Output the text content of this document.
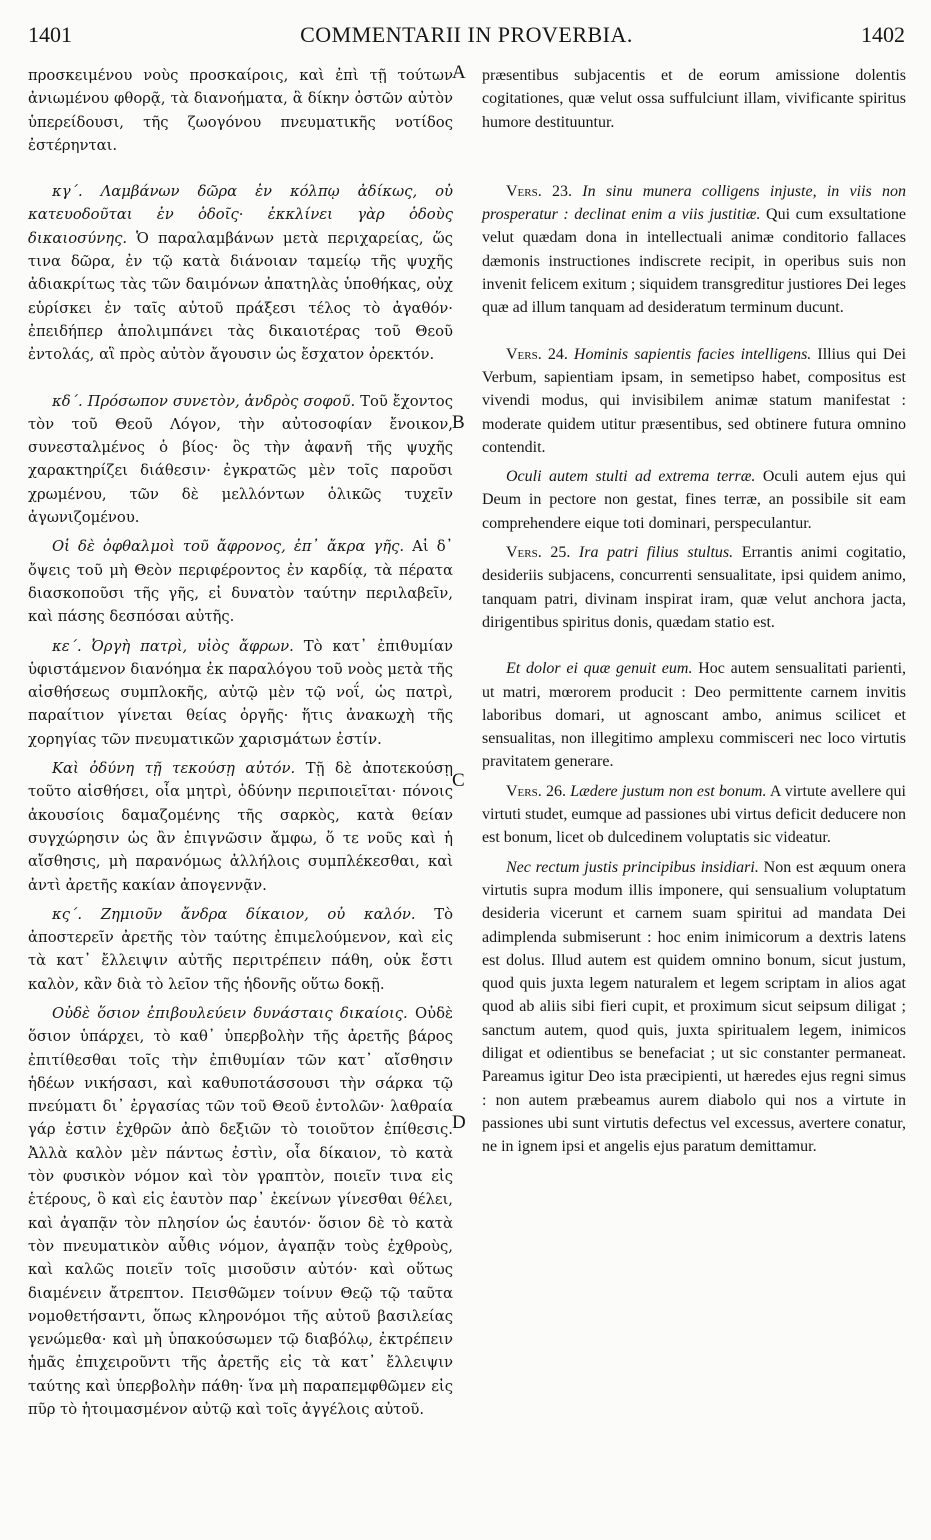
1401	COMMENTARII IN PROVERBIA.	1402
A
B
C
D

προσκειμένου νοὺς προσκαίροις, καὶ ἐπὶ τῇ τούτων ἀνιωμένου φθορᾷ, τὰ διανοήματα, ἃ δίκην ὀστῶν αὐτὸν ὑπερείδουσι, τῆς ζωογόνου πνευματικῆς νοτίδος ἐστέρηνται.

κγ΄. Λαμβάνων δῶρα ἐν κόλπῳ ἀδίκως, οὐ κατευοδοῦται ἐν ὁδοῖς· ἐκκλίνει γὰρ ὁδοὺς δικαιοσύνης. Ὁ παραλαμβάνων μετὰ περιχαρείας, ὥς τινα δῶρα, ἐν τῷ κατὰ διάνοιαν ταμείῳ τῆς ψυχῆς ἀδιακρίτως τὰς τῶν δαιμόνων ἀπατηλὰς ὑποθήκας, οὐχ εὑρίσκει ἐν ταῖς αὐτοῦ πράξεσι τέλος τὸ ἀγαθόν· ἐπειδήπερ ἀπολιμπάνει τὰς δικαιοτέρας τοῦ Θεοῦ ἐντολάς, αἳ πρὸς αὐτὸν ἄγουσιν ὡς ἔσχατον ὀρεκτόν.

κδ΄. Πρόσωπον συνετὸν, ἀνδρὸς σοφοῦ. Τοῦ ἔχοντος τὸν τοῦ Θεοῦ Λόγον, τὴν αὐτοσοφίαν ἔνοικον, συνεσταλμένος ὁ βίος· ὃς τὴν ἀφανῆ τῆς ψυχῆς χαρακτηρίζει διάθεσιν· ἐγκρατῶς μὲν τοῖς παροῦσι χρωμένου, τῶν δὲ μελλόντων ὁλικῶς τυχεῖν ἀγωνιζομένου.

Οἱ δὲ ὀφθαλμοὶ τοῦ ἄφρονος, ἐπ᾽ ἄκρα γῆς. Αἱ δ᾽ ὄψεις τοῦ μὴ Θεὸν περιφέροντος ἐν καρδίᾳ, τὰ πέρατα διασκοποῦσι τῆς γῆς, εἰ δυνατὸν ταύτην περιλαβεῖν, καὶ πάσης δεσπόσαι αὐτῆς.

κε΄. Ὀργὴ πατρὶ, υἱὸς ἄφρων. Τὸ κατ᾽ ἐπιθυμίαν ὑφιστάμενον διανόημα ἐκ παραλόγου τοῦ νοὸς μετὰ τῆς αἰσθήσεως συμπλοκῆς, αὐτῷ μὲν τῷ νοΐ, ὡς πατρὶ, παραίτιον γίνεται θείας ὀργῆς· ἥτις ἀνακωχὴ τῆς χορηγίας τῶν πνευματικῶν χαρισμάτων ἐστίν.

Καὶ ὀδύνη τῇ τεκούσῃ αὐτόν. Τῇ δὲ ἀποτεκούσῃ τοῦτο αἰσθήσει, οἷα μητρὶ, ὀδύνην περιποιεῖται· πόνοις ἀκουσίοις δαμαζομένης τῆς σαρκὸς, κατὰ θείαν συγχώρησιν ὡς ἂν ἐπιγνῶσιν ἄμφω, ὅ τε νοῦς καὶ ἡ αἴσθησις, μὴ παρανόμως ἀλλήλοις συμπλέκεσθαι, καὶ ἀντὶ ἀρετῆς κακίαν ἀπογεννᾷν.

κς΄. Ζημιοῦν ἄνδρα δίκαιον, οὐ καλόν. Τὸ ἀποστερεῖν ἀρετῆς τὸν ταύτης ἐπιμελούμενον, καὶ εἰς τὰ κατ᾽ ἔλλειψιν αὐτῆς περιτρέπειν πάθη, οὐκ ἔστι καλὸν, κἂν διὰ τὸ λεῖον τῆς ἡδονῆς οὕτω δοκῇ.

Οὐδὲ ὅσιον ἐπιβουλεύειν δυνάσταις δικαίοις. Οὐδὲ ὅσιον ὑπάρχει, τὸ καθ᾽ ὑπερβολὴν τῆς ἀρετῆς βάρος ἐπιτίθεσθαι τοῖς τὴν ἐπιθυμίαν τῶν κατ᾽ αἴσθησιν ἡδέων νικήσασι, καὶ καθυποτάσσουσι τὴν σάρκα τῷ πνεύματι δι᾽ ἐργασίας τῶν τοῦ Θεοῦ ἐντολῶν· λαθραία γάρ ἐστιν ἐχθρῶν ἀπὸ δεξιῶν τὸ τοιοῦτον ἐπίθεσις. Ἀλλὰ καλὸν μὲν πάντως ἐστὶν, οἷα δίκαιον, τὸ κατὰ τὸν φυσικὸν νόμον καὶ τὸν γραπτὸν, ποιεῖν τινα εἰς ἑτέρους, ὃ καὶ εἰς ἑαυτὸν παρ᾽ ἐκείνων γίνεσθαι θέλει, καὶ ἀγαπᾷν τὸν πλησίον ὡς ἑαυτόν· ὅσιον δὲ τὸ κατὰ τὸν πνευματικὸν αὖθις νόμον, ἀγαπᾷν τοὺς ἐχθροὺς, καὶ καλῶς ποιεῖν τοῖς μισοῦσιν αὐτόν· καὶ οὕτως διαμένειν ἄτρεπτον. Πεισθῶμεν τοίνυν Θεῷ τῷ ταῦτα νομοθετήσαντι, ὅπως κληρονόμοι τῆς αὐτοῦ βασιλείας γενώμεθα· καὶ μὴ ὑπακούσωμεν τῷ διαβόλῳ, ἐκτρέπειν ἡμᾶς ἐπιχειροῦντι τῆς ἀρετῆς εἰς τὰ κατ᾽ ἔλλειψιν ταύτης καὶ ὑπερβολὴν πάθη· ἵνα μὴ παραπεμφθῶμεν εἰς πῦρ τὸ ἡτοιμασμένον αὐτῷ καὶ τοῖς ἀγγέλοις αὐτοῦ.

præsentibus subjacentis et de eorum amissione dolentis cogitationes, quæ velut ossa suffulciunt illam, vivificante spiritus humore destituuntur.

Vers. 23. In sinu munera colligens injuste, in viis non prosperatur : declinat enim a viis justitiæ. Qui cum exsultatione velut quædam dona in intellectuali animæ conditorio fallaces dæmonis instructiones indiscrete recipit, in operibus suis non invenit felicem exitum ; siquidem transgreditur justiores Dei leges quæ ad illum tanquam ad desideratum terminum ducunt.

Vers. 24. Hominis sapientis facies intelligens. Illius qui Dei Verbum, sapientiam ipsam, in semetipso habet, compositus est vivendi modus, qui invisibilem animæ statum manifestat : moderate quidem utitur præsentibus, sed obtinere futura omnino contendit.

Oculi autem stulti ad extrema terræ. Oculi autem ejus qui Deum in pectore non gestat, fines terræ, an possibile sit eam comprehendere eique toti dominari, perspeculantur.

Vers. 25. Ira patri filius stultus. Errantis animi cogitatio, desideriis subjacens, concurrenti sensualitate, ipsi quidem animo, tanquam patri, divinam inspirat iram, quæ velut anchora jacta, dirigentibus spiritus donis, quædam statio est.

Et dolor ei quæ genuit eum. Hoc autem sensualitati parienti, ut matri, mœrorem producit : Deo permittente carnem invitis laboribus domari, ut agnoscant ambo, animus scilicet et sensualitas, non illegitimo amplexu commisceri nec loco virtutis pravitatem generare.

Vers. 26. Lædere justum non est bonum. A virtute avellere qui virtuti studet, eumque ad passiones ubi virtus deficit deducere non est bonum, licet ob dulcedinem voluptatis sic videatur.

Nec rectum justis principibus insidiari. Non est æquum onera virtutis supra modum illis imponere, qui sensualium voluptatum desideria vicerunt et carnem suam spiritui ad mandata Dei adimplenda submiserunt : hoc enim inimicorum a dextris latens est dolus. Illud autem est quidem omnino bonum, sicut justum, quod quis juxta legem naturalem et legem scriptam in alios agat quod ab aliis sibi fieri cupit, et proximum sicut seipsum diligat ; sanctum autem, quod quis, juxta spiritualem legem, inimicos diligat et odientibus se benefaciat ; ut sic constanter permaneat. Pareamus igitur Deo ista præcipienti, ut hæredes ejus regni simus : non autem præbeamus aurem diabolo qui nos a virtute in passiones ubi sunt virtutis defectus vel excessus, avertere conatur, ne in ignem ipsi et angelis ejus paratum demittamur.
